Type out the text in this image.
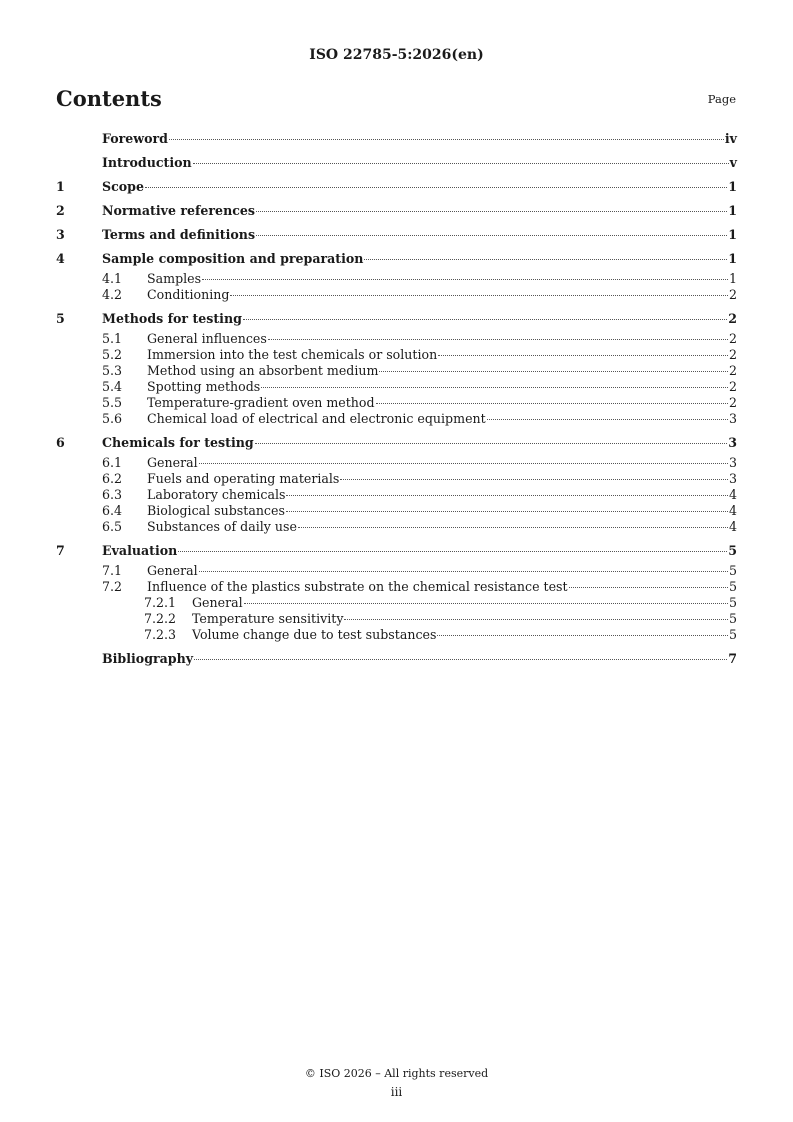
ISO 22785-5:2026(en)
Contents	Page
Foreword	iv
Introduction	v
1	Scope	1
2	Normative references	1
3	Terms and definitions	1
4	Sample composition and preparation	1
4.1	Samples	1
4.2	Conditioning	2
5	Methods for testing	2
5.1	General influences	2
5.2	Immersion into the test chemicals or solution	2
5.3	Method using an absorbent medium	2
5.4	Spotting methods	2
5.5	Temperature-gradient oven method	2
5.6	Chemical load of electrical and electronic equipment	3
6	Chemicals for testing	3
6.1	General	3
6.2	Fuels and operating materials	3
6.3	Laboratory chemicals	4
6.4	Biological substances	4
6.5	Substances of daily use	4
7	Evaluation	5
7.1	General	5
7.2	Influence of the plastics substrate on the chemical resistance test	5
7.2.1	General	5
7.2.2	Temperature sensitivity	5
7.2.3	Volume change due to test substances	5
Bibliography	7
© ISO 2026 – All rights reserved
iii
